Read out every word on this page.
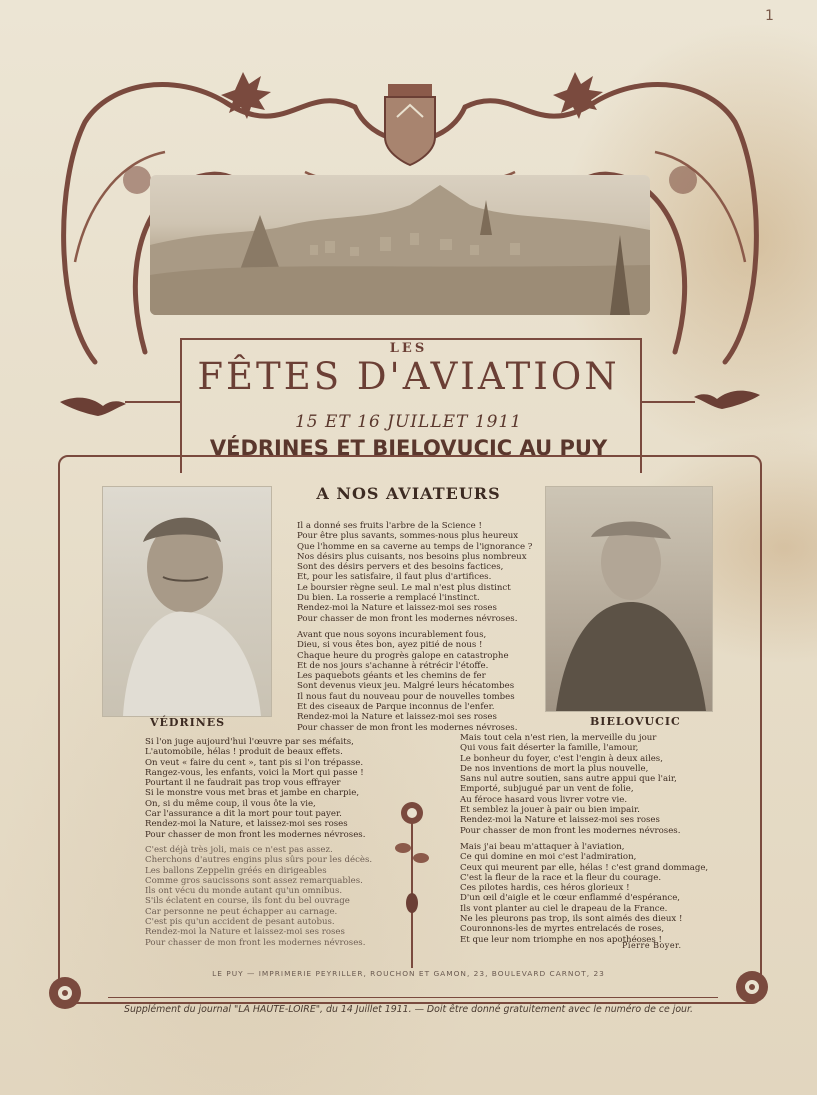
1
LES
FÊTES D'AVIATION
15 ET 16 JUILLET 1911
VÉDRINES ET BIELOVUCIC AU PUY
VÉDRINES	BIELOVUCIC
A NOS AVIATEURS
Il a donné ses fruits l'arbre de la Science !
Pour être plus savants, sommes-nous plus heureux
Que l'homme en sa caverne au temps de l'ignorance ?
Nos désirs plus cuisants, nos besoins plus nombreux
Sont des désirs pervers et des besoins factices,
Et, pour les satisfaire, il faut plus d'artifices.
Le boursier règne seul. Le mal n'est plus distinct
Du bien. La rosserie a remplacé l'instinct.
Rendez-moi la Nature et laissez-moi ses roses
Pour chasser de mon front les modernes névroses.
Avant que nous soyons incurablement fous,
Dieu, si vous êtes bon, ayez pitié de nous !
Chaque heure du progrès galope en catastrophe
Et de nos jours s'achanne à rétrécir l'étoffe.
Les paquebots géants et les chemins de fer
Sont devenus vieux jeu. Malgré leurs hécatombes
Il nous faut du nouveau pour de nouvelles tombes
Et des ciseaux de Parque inconnus de l'enfer.
Rendez-moi la Nature et laissez-moi ses roses
Pour chasser de mon front les modernes névroses.
Si l'on juge aujourd'hui l'œuvre par ses méfaits,
L'automobile, hélas ! produit de beaux effets.
On veut « faire du cent », tant pis si l'on trépasse.
Rangez-vous, les enfants, voici la Mort qui passe !
Pourtant il ne faudrait pas trop vous effrayer
Si le monstre vous met bras et jambe en charpie,
On, si du même coup, il vous ôte la vie,
Car l'assurance a dit la mort pour tout payer.
Rendez-moi la Nature, et laissez-moi ses roses
Pour chasser de mon front les modernes névroses.
C'est déjà très joli, mais ce n'est pas assez.
Cherchons d'autres engins plus sûrs pour les décès.
Les ballons Zeppelin gréés en dirigeables
Comme gros saucissons sont assez remarquables.
Ils ont vécu du monde autant qu'un omnibus.
S'ils éclatent en course, ils font du bel ouvrage
Car personne ne peut échapper au carnage.
C'est pis qu'un accident de pesant autobus.
Rendez-moi la Nature et laissez-moi ses roses
Pour chasser de mon front les modernes névroses.
Mais tout cela n'est rien, la merveille du jour
Qui vous fait déserter la famille, l'amour,
Le bonheur du foyer, c'est l'engin à deux ailes,
De nos inventions de mort la plus nouvelle,
Sans nul autre soutien, sans autre appui que l'air,
Emporté, subjugué par un vent de folie,
Au féroce hasard vous livrer votre vie.
Et semblez la jouer à pair ou bien impair.
Rendez-moi la Nature et laissez-moi ses roses
Pour chasser de mon front les modernes névroses.
Mais j'ai beau m'attaquer à l'aviation,
Ce qui domine en moi c'est l'admiration,
Ceux qui meurent par elle, hélas ! c'est grand dommage,
C'est la fleur de la race et la fleur du courage.
Ces pilotes hardis, ces héros glorieux !
D'un œil d'aigle et le cœur enflammé d'espérance,
Ils vont planter au ciel le drapeau de la France.
Ne les pleurons pas trop, ils sont aimés des dieux !
Couronnons-les de myrtes entrelacés de roses,
Et que leur nom triomphe en nos apothéoses !
Pierre Boyer.
LE PUY — IMPRIMERIE PEYRILLER, ROUCHON ET GAMON, 23, BOULEVARD CARNOT, 23
Supplément du journal "LA HAUTE-LOIRE", du 14 Juillet 1911. — Doit être donné gratuitement avec le numéro de ce jour.
